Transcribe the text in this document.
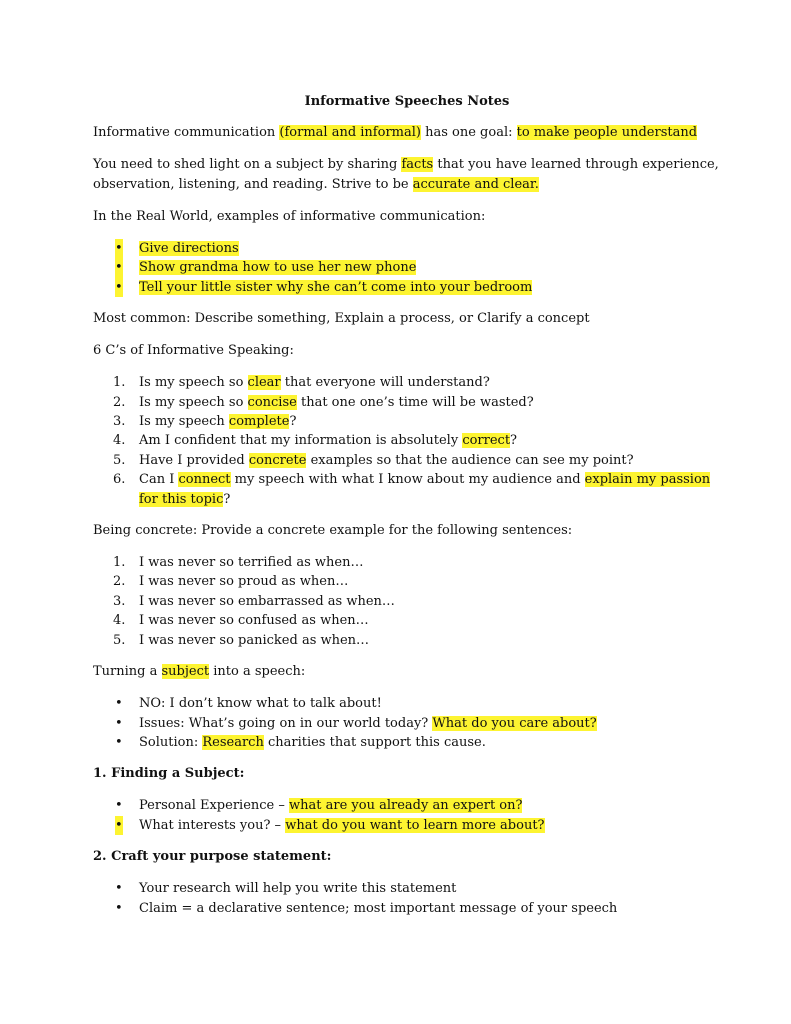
Informative Speeches Notes

Informative communication (formal and informal) has one goal: to make people understand

You need to shed light on a subject by sharing facts that you have learned through experience, observation, listening, and reading. Strive to be accurate and clear.

In the Real World, examples of informative communication:

• Give directions
• Show grandma how to use her new phone
• Tell your little sister why she can’t come into your bedroom

Most common: Describe something, Explain a process, or Clarify a concept

6 C’s of Informative Speaking:

1. Is my speech so clear that everyone will understand?
2. Is my speech so concise that one one’s time will be wasted?
3. Is my speech complete?
4. Am I confident that my information is absolutely correct?
5. Have I provided concrete examples so that the audience can see my point?
6. Can I connect my speech with what I know about my audience and explain my passion for this topic?

Being concrete: Provide a concrete example for the following sentences:

1. I was never so terrified as when…
2. I was never so proud as when…
3. I was never so embarrassed as when…
4. I was never so confused as when…
5. I was never so panicked as when…

Turning a subject into a speech:

• NO: I don’t know what to talk about!
• Issues: What’s going on in our world today? What do you care about?
• Solution: Research charities that support this cause.

1. Finding a Subject:

• Personal Experience – what are you already an expert on?
• What interests you? – what do you want to learn more about?

2. Craft your purpose statement:

• Your research will help you write this statement
• Claim = a declarative sentence; most important message of your speech
